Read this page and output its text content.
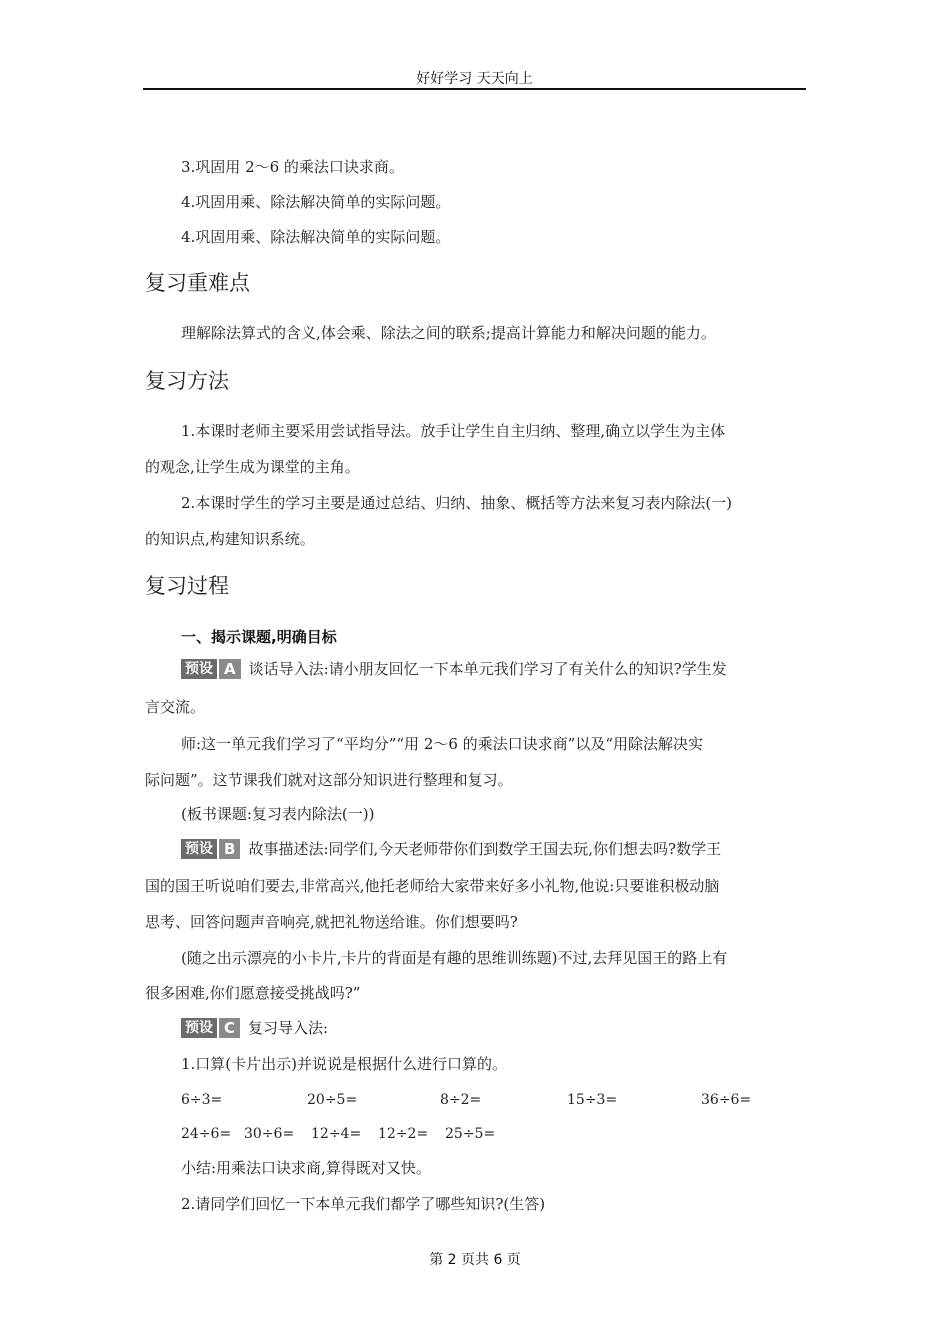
好好学习 天天向上
3.巩固用 2～6 的乘法口诀求商。
4.巩固用乘、除法解决简单的实际问题。
4.巩固用乘、除法解决简单的实际问题。
复习重难点
理解除法算式的含义,体会乘、除法之间的联系;提高计算能力和解决问题的能力。
复习方法
1.本课时老师主要采用尝试指导法。放手让学生自主归纳、整理,确立以学生为主体
的观念,让学生成为课堂的主角。
2.本课时学生的学习主要是通过总结、归纳、抽象、概括等方法来复习表内除法(一)
的知识点,构建知识系统。
复习过程
一、揭示课题,明确目标
预设 A 谈话导入法:请小朋友回忆一下本单元我们学习了有关什么的知识?学生发
言交流。
师:这一单元我们学习了“平均分”“用 2～6 的乘法口诀求商”以及“用除法解决实
际问题”。这节课我们就对这部分知识进行整理和复习。
(板书课题:复习表内除法(一))
预设 B 故事描述法:同学们,今天老师带你们到数学王国去玩,你们想去吗?数学王
国的国王听说咱们要去,非常高兴,他托老师给大家带来好多小礼物,他说:只要谁积极动脑
思考、回答问题声音响亮,就把礼物送给谁。你们想要吗?
(随之出示漂亮的小卡片,卡片的背面是有趣的思维训练题)不过,去拜见国王的路上有
很多困难,你们愿意接受挑战吗?”
预设 C 复习导入法:
1.口算(卡片出示)并说说是根据什么进行口算的。
6÷3=	20÷5=	8÷2=	15÷3=	36÷6=
24÷6= 30÷6= 12÷4= 12÷2= 25÷5=
小结:用乘法口诀求商,算得既对又快。
2.请同学们回忆一下本单元我们都学了哪些知识?(生答)
第 2 页共 6 页
